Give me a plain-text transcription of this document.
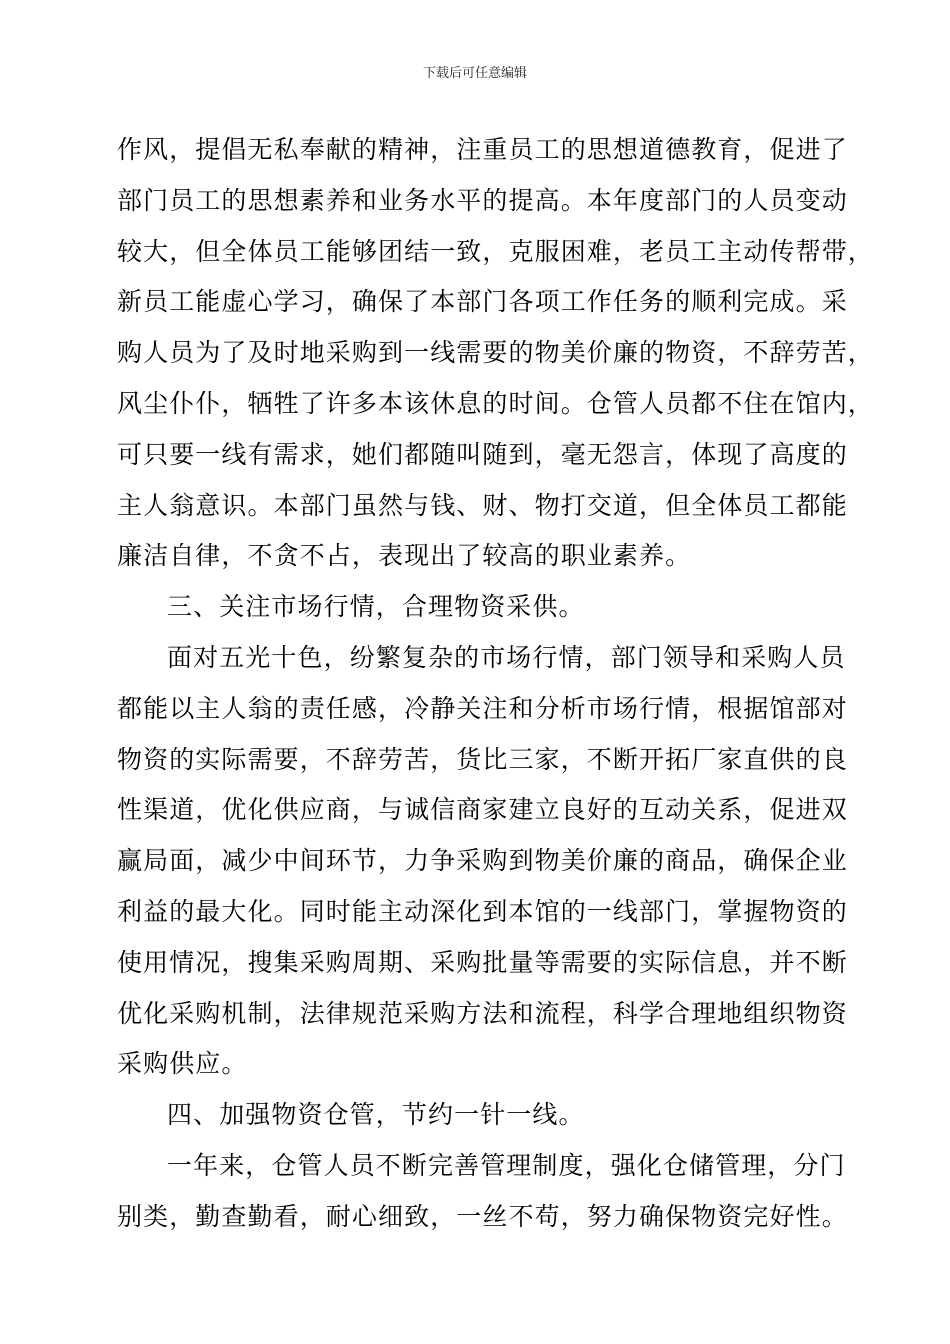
下载后可任意编辑
作风，提倡无私奉献的精神，注重员工的思想道德教育，促进了
部门员工的思想素养和业务水平的提高。本年度部门的人员变动
较大，但全体员工能够团结一致，克服困难，老员工主动传帮带，
新员工能虚心学习，确保了本部门各项工作任务的顺利完成。采
购人员为了及时地采购到一线需要的物美价廉的物资，不辞劳苦，
风尘仆仆，牺牲了许多本该休息的时间。仓管人员都不住在馆内，
可只要一线有需求，她们都随叫随到，毫无怨言，体现了高度的
主人翁意识。本部门虽然与钱、财、物打交道，但全体员工都能
廉洁自律，不贪不占，表现出了较高的职业素养。
三、关注市场行情，合理物资采供。
面对五光十色，纷繁复杂的市场行情，部门领导和采购人员
都能以主人翁的责任感，冷静关注和分析市场行情，根据馆部对
物资的实际需要，不辞劳苦，货比三家，不断开拓厂家直供的良
性渠道，优化供应商，与诚信商家建立良好的互动关系，促进双
赢局面，减少中间环节，力争采购到物美价廉的商品，确保企业
利益的最大化。同时能主动深化到本馆的一线部门，掌握物资的
使用情况，搜集采购周期、采购批量等需要的实际信息，并不断
优化采购机制，法律规范采购方法和流程，科学合理地组织物资
采购供应。
四、加强物资仓管，节约一针一线。
一年来，仓管人员不断完善管理制度，强化仓储管理，分门
别类，勤查勤看，耐心细致，一丝不苟，努力确保物资完好性。
